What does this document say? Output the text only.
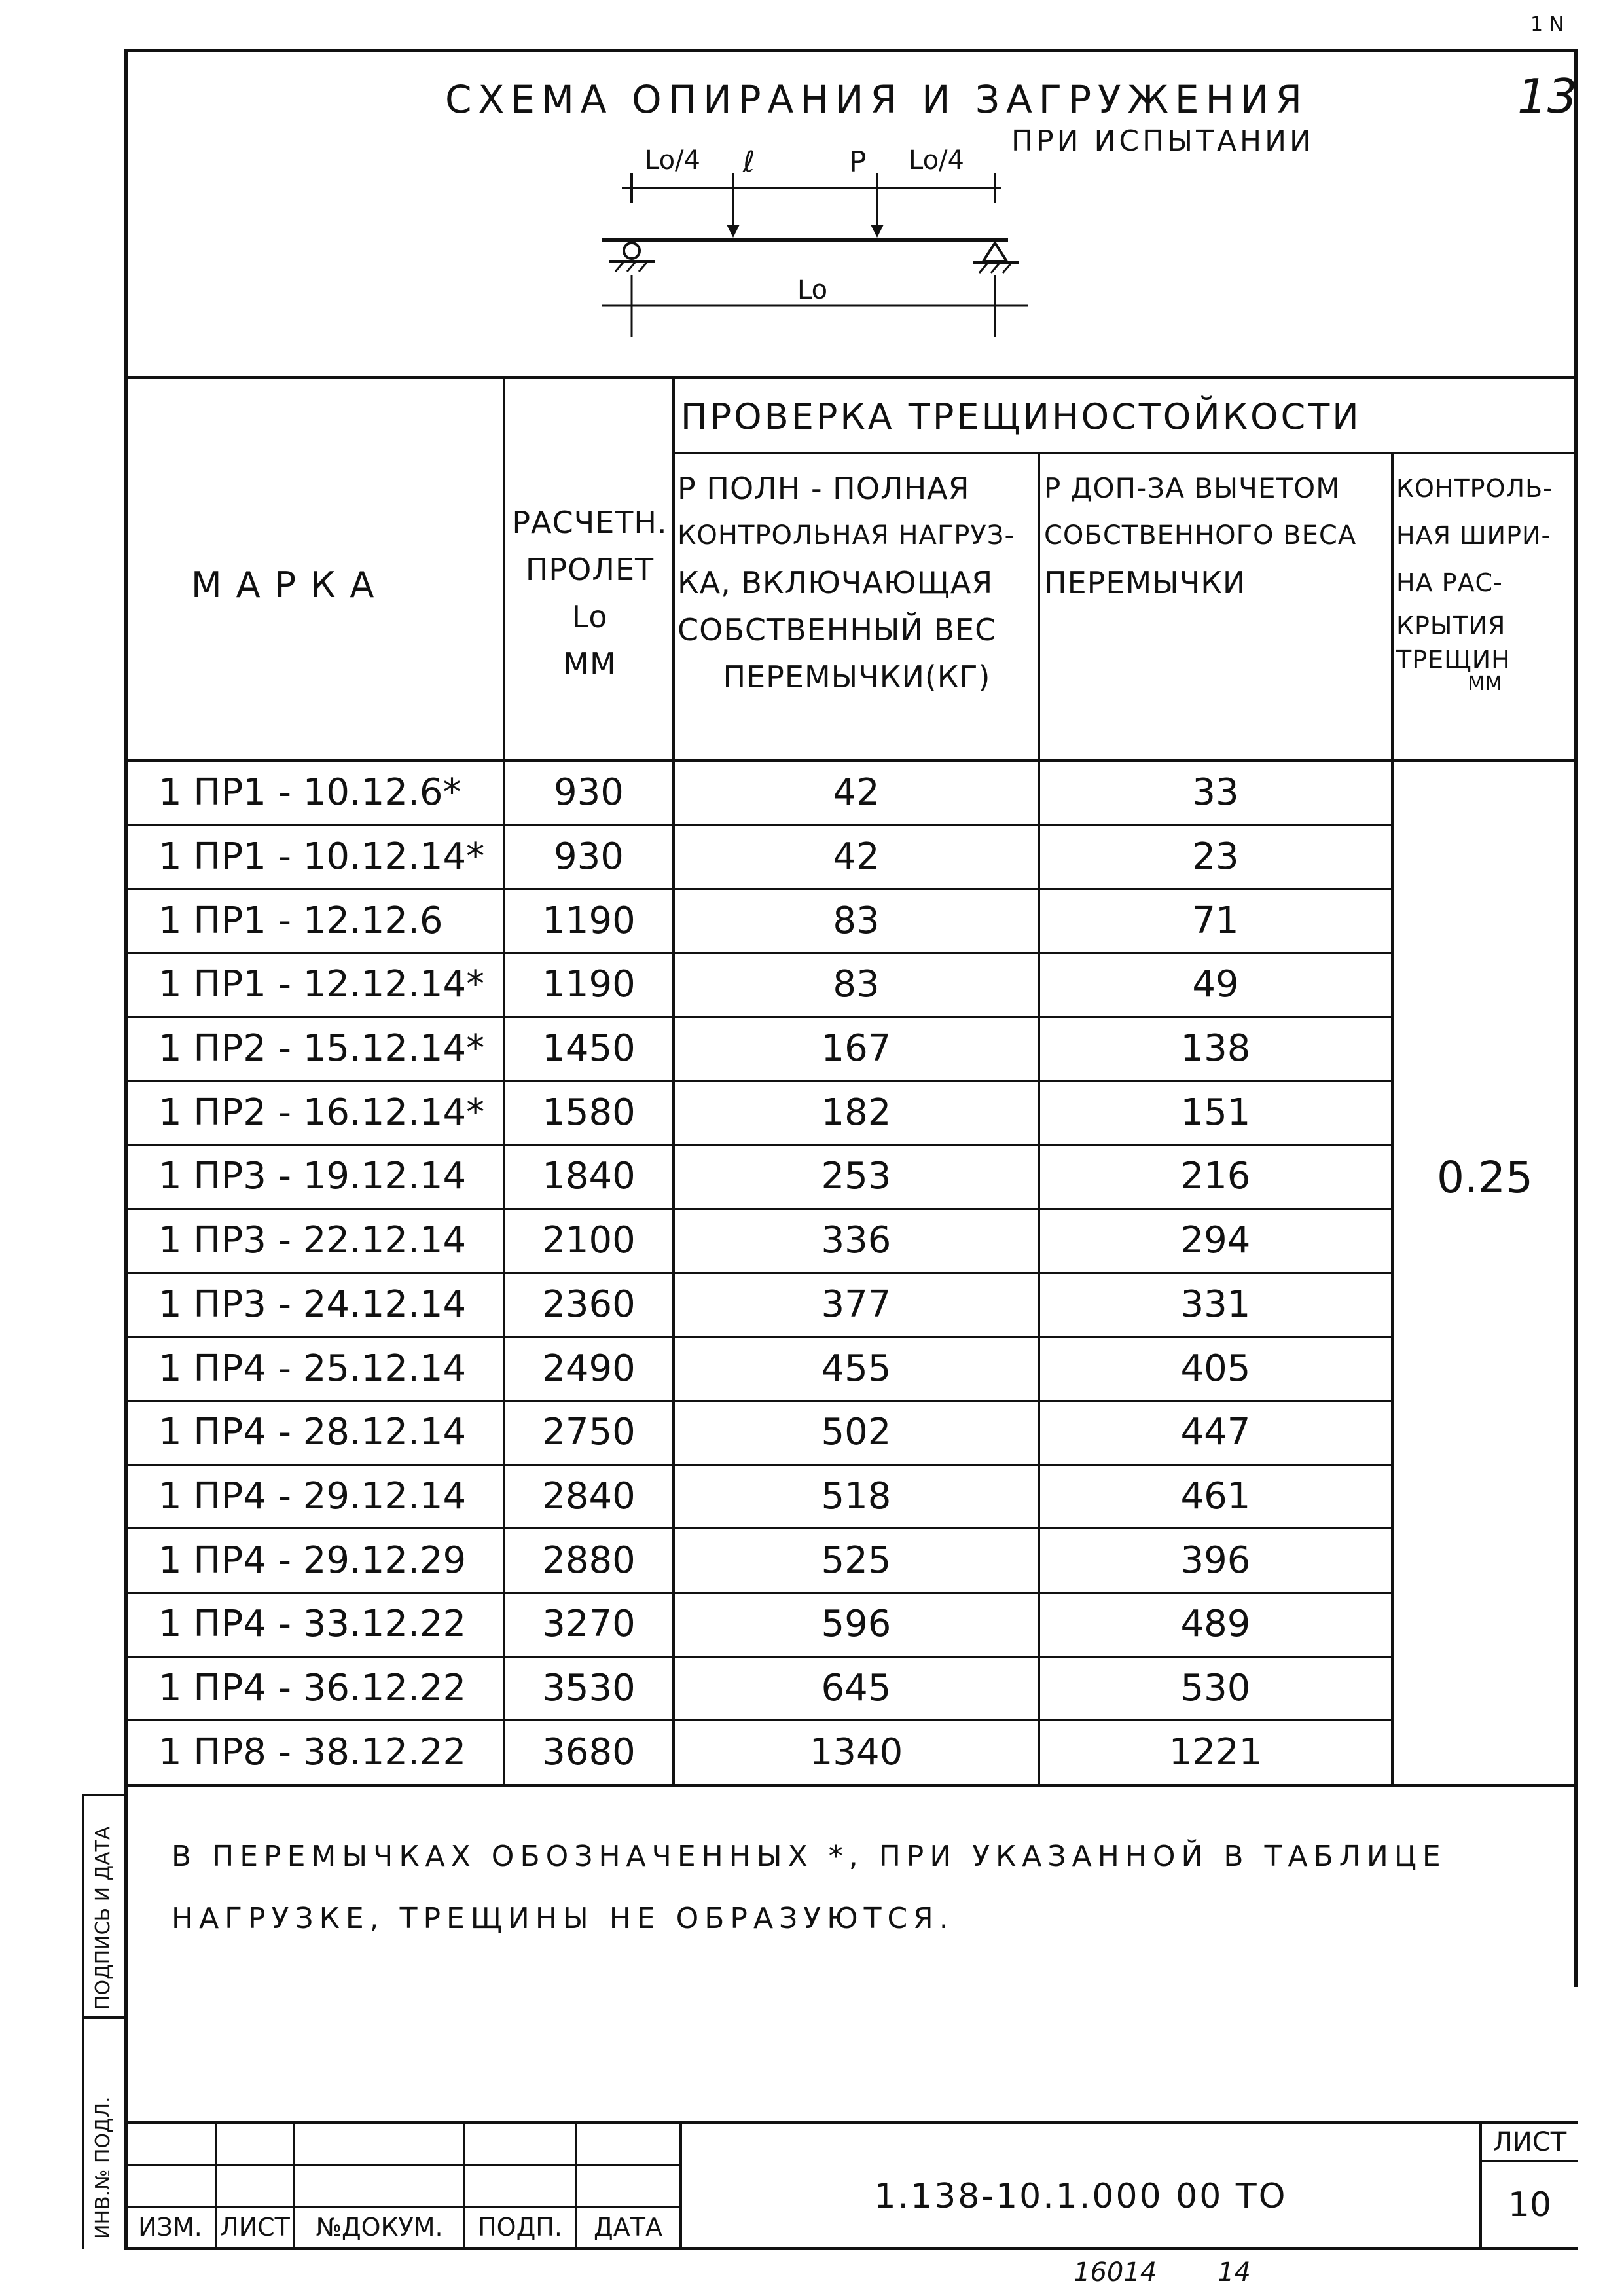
13
1 N
СХЕМА ОПИРАНИЯ И ЗАГРУЖЕНИЯ
ПРИ ИСПЫТАНИИ
Lo/4 ℓ	P Lo/4
Lo
МАРКА
РАСЧЕТН.
ПРОЛЕТ
Lo
ММ
ПРОВЕРКА ТРЕЩИНОСТОЙКОСТИ
Р ПОЛН - ПОЛНАЯ
КОНТРОЛЬНАЯ НАГРУЗ-
КА, ВКЛЮЧАЮЩАЯ
СОБСТВЕННЫЙ ВЕС
ПЕРЕМЫЧКИ(КГ)
Р ДОП-ЗА ВЫЧЕТОМ
СОБСТВЕННОГО ВЕСА
ПЕРЕМЫЧКИ
КОНТРОЛЬ-
НАЯ ШИРИ-
НА РАС-
КРЫТИЯ
ТРЕЩИН
ММ
1 ПР1 - 10.12.6*	930	42	33
1 ПР1 - 10.12.14*	930	42	23
1 ПР1 - 12.12.6	1190	83	71
1 ПР1 - 12.12.14*	1190	83	49
1 ПР2 - 15.12.14*	1450	167	138
1 ПР2 - 16.12.14*	1580	182	151
1 ПР3 - 19.12.14	1840	253	216
1 ПР3 - 22.12.14	2100	336	294
1 ПР3 - 24.12.14	2360	377	331
1 ПР4 - 25.12.14	2490	455	405
1 ПР4 - 28.12.14	2750	502	447
1 ПР4 - 29.12.14	2840	518	461
1 ПР4 - 29.12.29	2880	525	396
1 ПР4 - 33.12.22	3270	596	489
1 ПР4 - 36.12.22	3530	645	530
1 ПР8 - 38.12.22	3680	1340	1221
0.25
В ПЕРЕМЫЧКАХ ОБОЗНАЧЕННЫХ *, ПРИ УКАЗАННОЙ В ТАБЛИЦЕ
НАГРУЗКЕ, ТРЕЩИНЫ НЕ ОБРАЗУЮТСЯ.
ПОДПИСЬ И ДАТА
ИНВ.№ ПОДЛ. ИЗМ. ЛИСТ	№ДОКУМ.	ПОДП.	ДАТА
1.138-10.1.000 00 ТО
ЛИСТ
10
16014 14
